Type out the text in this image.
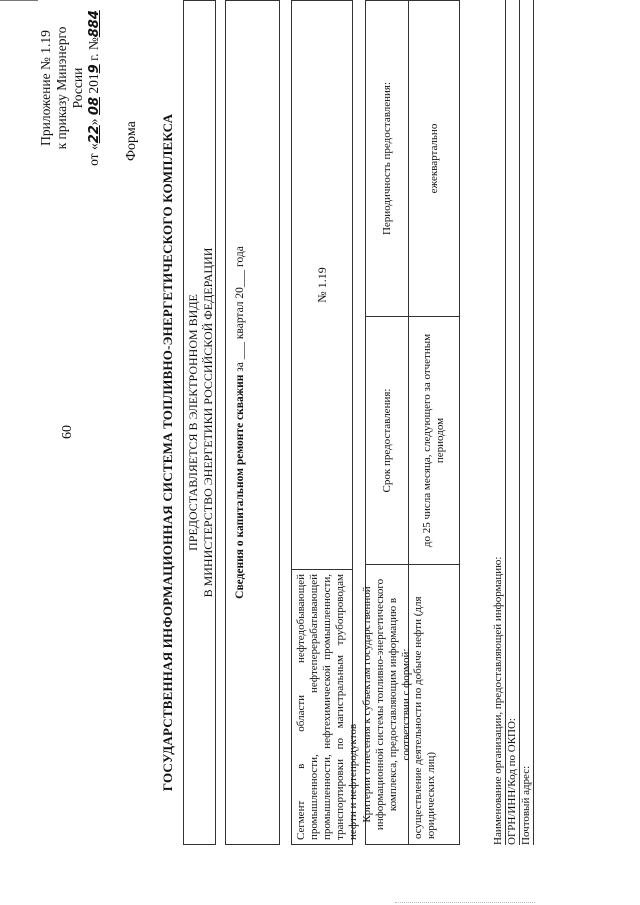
60
Приложение № 1.19 к приказу Минэнерго России
от «22» 08 2019 г. №884
Форма ГОСУДАРСТВЕННАЯ ИНФОРМАЦИОННАЯ СИСТЕМА ТОПЛИВНО-ЭНЕРГЕТИЧЕСКОГО КОМПЛЕКСА ПРЕДОСТАВЛЯЕТСЯ В ЭЛЕКТРОННОМ ВИДЕ В МИНИСТЕРСТВО ЭНЕРГЕТИКИ РОССИЙСКОЙ ФЕДЕРАЦИИ Сведения о капитальном ремонте скважин за ___ квартал 20___ года
Сегмент в области нефтедобывающей промышленности, нефтеперерабатывающей промышленности, нефтехимической промышленности, транспортировки по магистральным трубопроводам нефти и нефтепродуктов
№ 1.19
Критерии отнесения к субъектам государственной информационной системы топливно-энергетического комплекса, предоставляющим информацию в соответствии с формой:
Срок предоставления:
Периодичность предоставления:
осуществление деятельности по добыче нефти (для юридических лиц)
до 25 числа месяца, следующего за отчетным периодом
ежеквартально
Наименование организации, предоставляющей информацию: ОГРН/ИНН/Код по ОКПО: Почтовый адрес:
